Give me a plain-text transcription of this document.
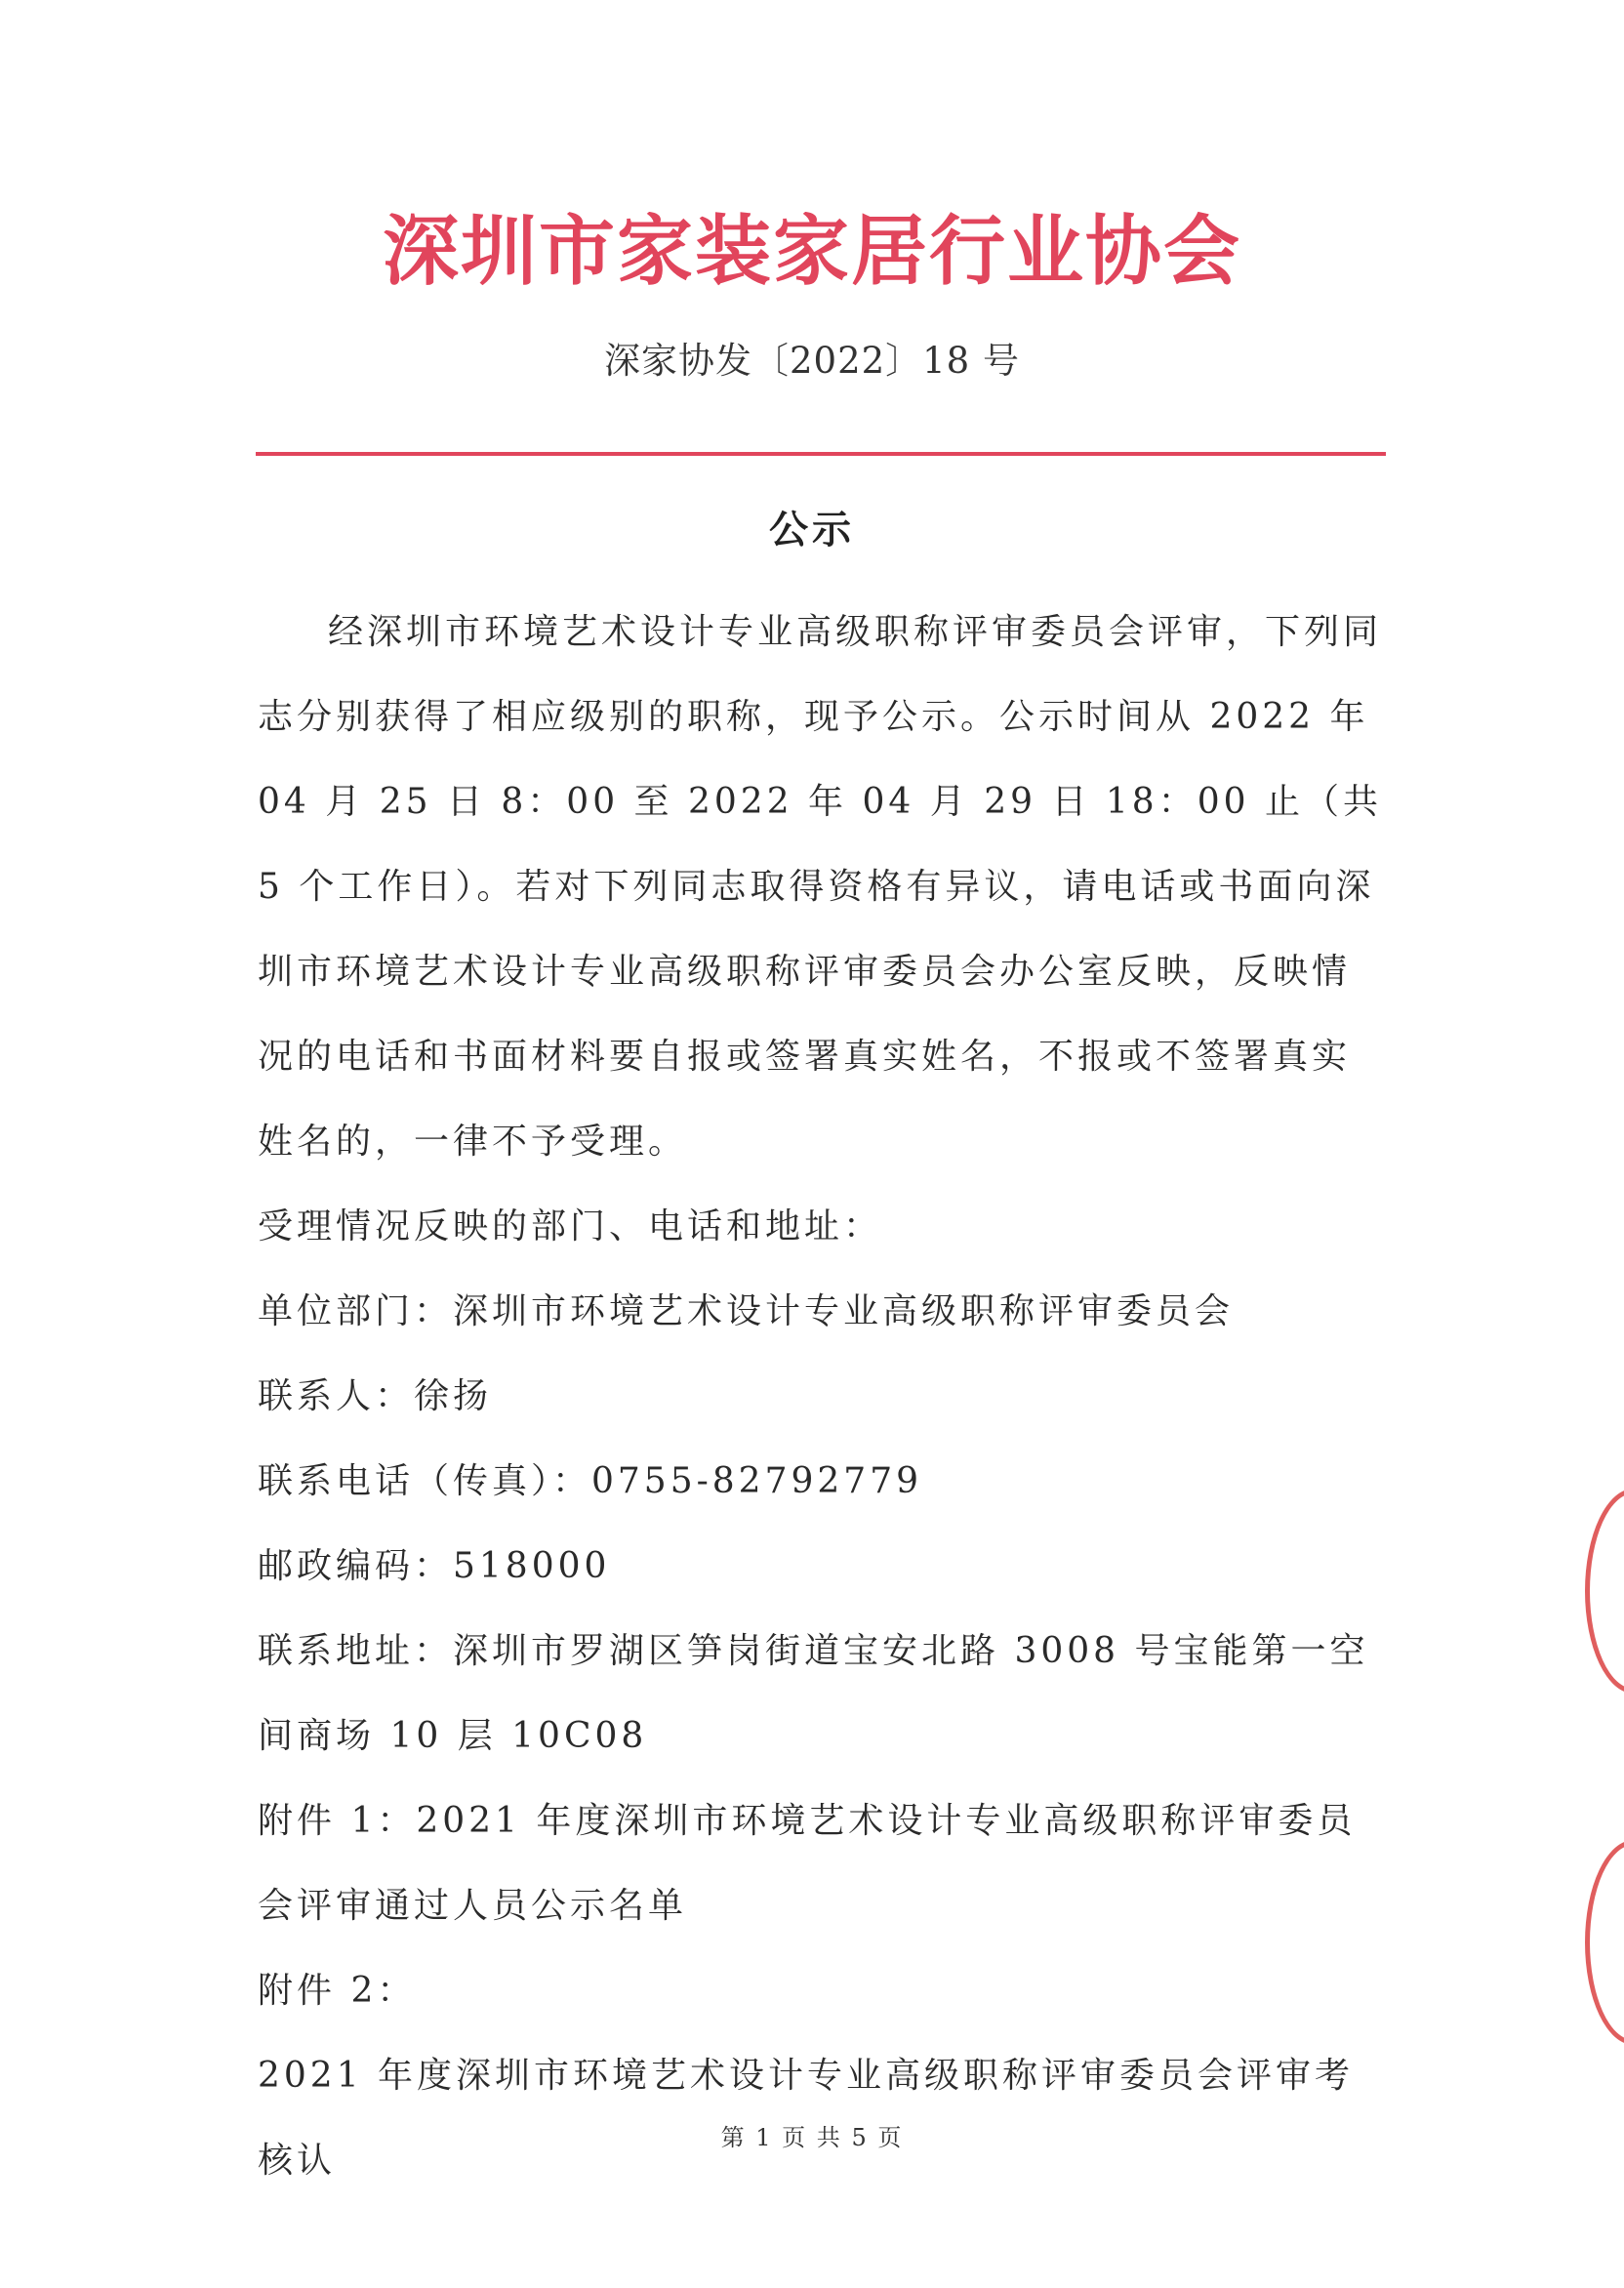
深圳市家装家居行业协会
深家协发〔2022〕18 号
公示

经深圳市环境艺术设计专业高级职称评审委员会评审，下列同志分别获得了相应级别的职称，现予公示。公示时间从 2022 年 04 月 25 日 8：00 至 2022 年 04 月 29 日 18：00 止（共 5 个工作日）。若对下列同志取得资格有异议，请电话或书面向深圳市环境艺术设计专业高级职称评审委员会办公室反映，反映情况的电话和书面材料要自报或签署真实姓名，不报或不签署真实姓名的，一律不予受理。

受理情况反映的部门、电话和地址：

单位部门：深圳市环境艺术设计专业高级职称评审委员会

联系人：徐扬

联系电话（传真）：0755-82792779

邮政编码：518000

联系地址：深圳市罗湖区笋岗街道宝安北路 3008 号宝能第一空间商场 10 层 10C08

附件 1：2021 年度深圳市环境艺术设计专业高级职称评审委员会评审通过人员公示名单

附件 2：

2021 年度深圳市环境艺术设计专业高级职称评审委员会评审考核认

第 1 页 共 5 页
